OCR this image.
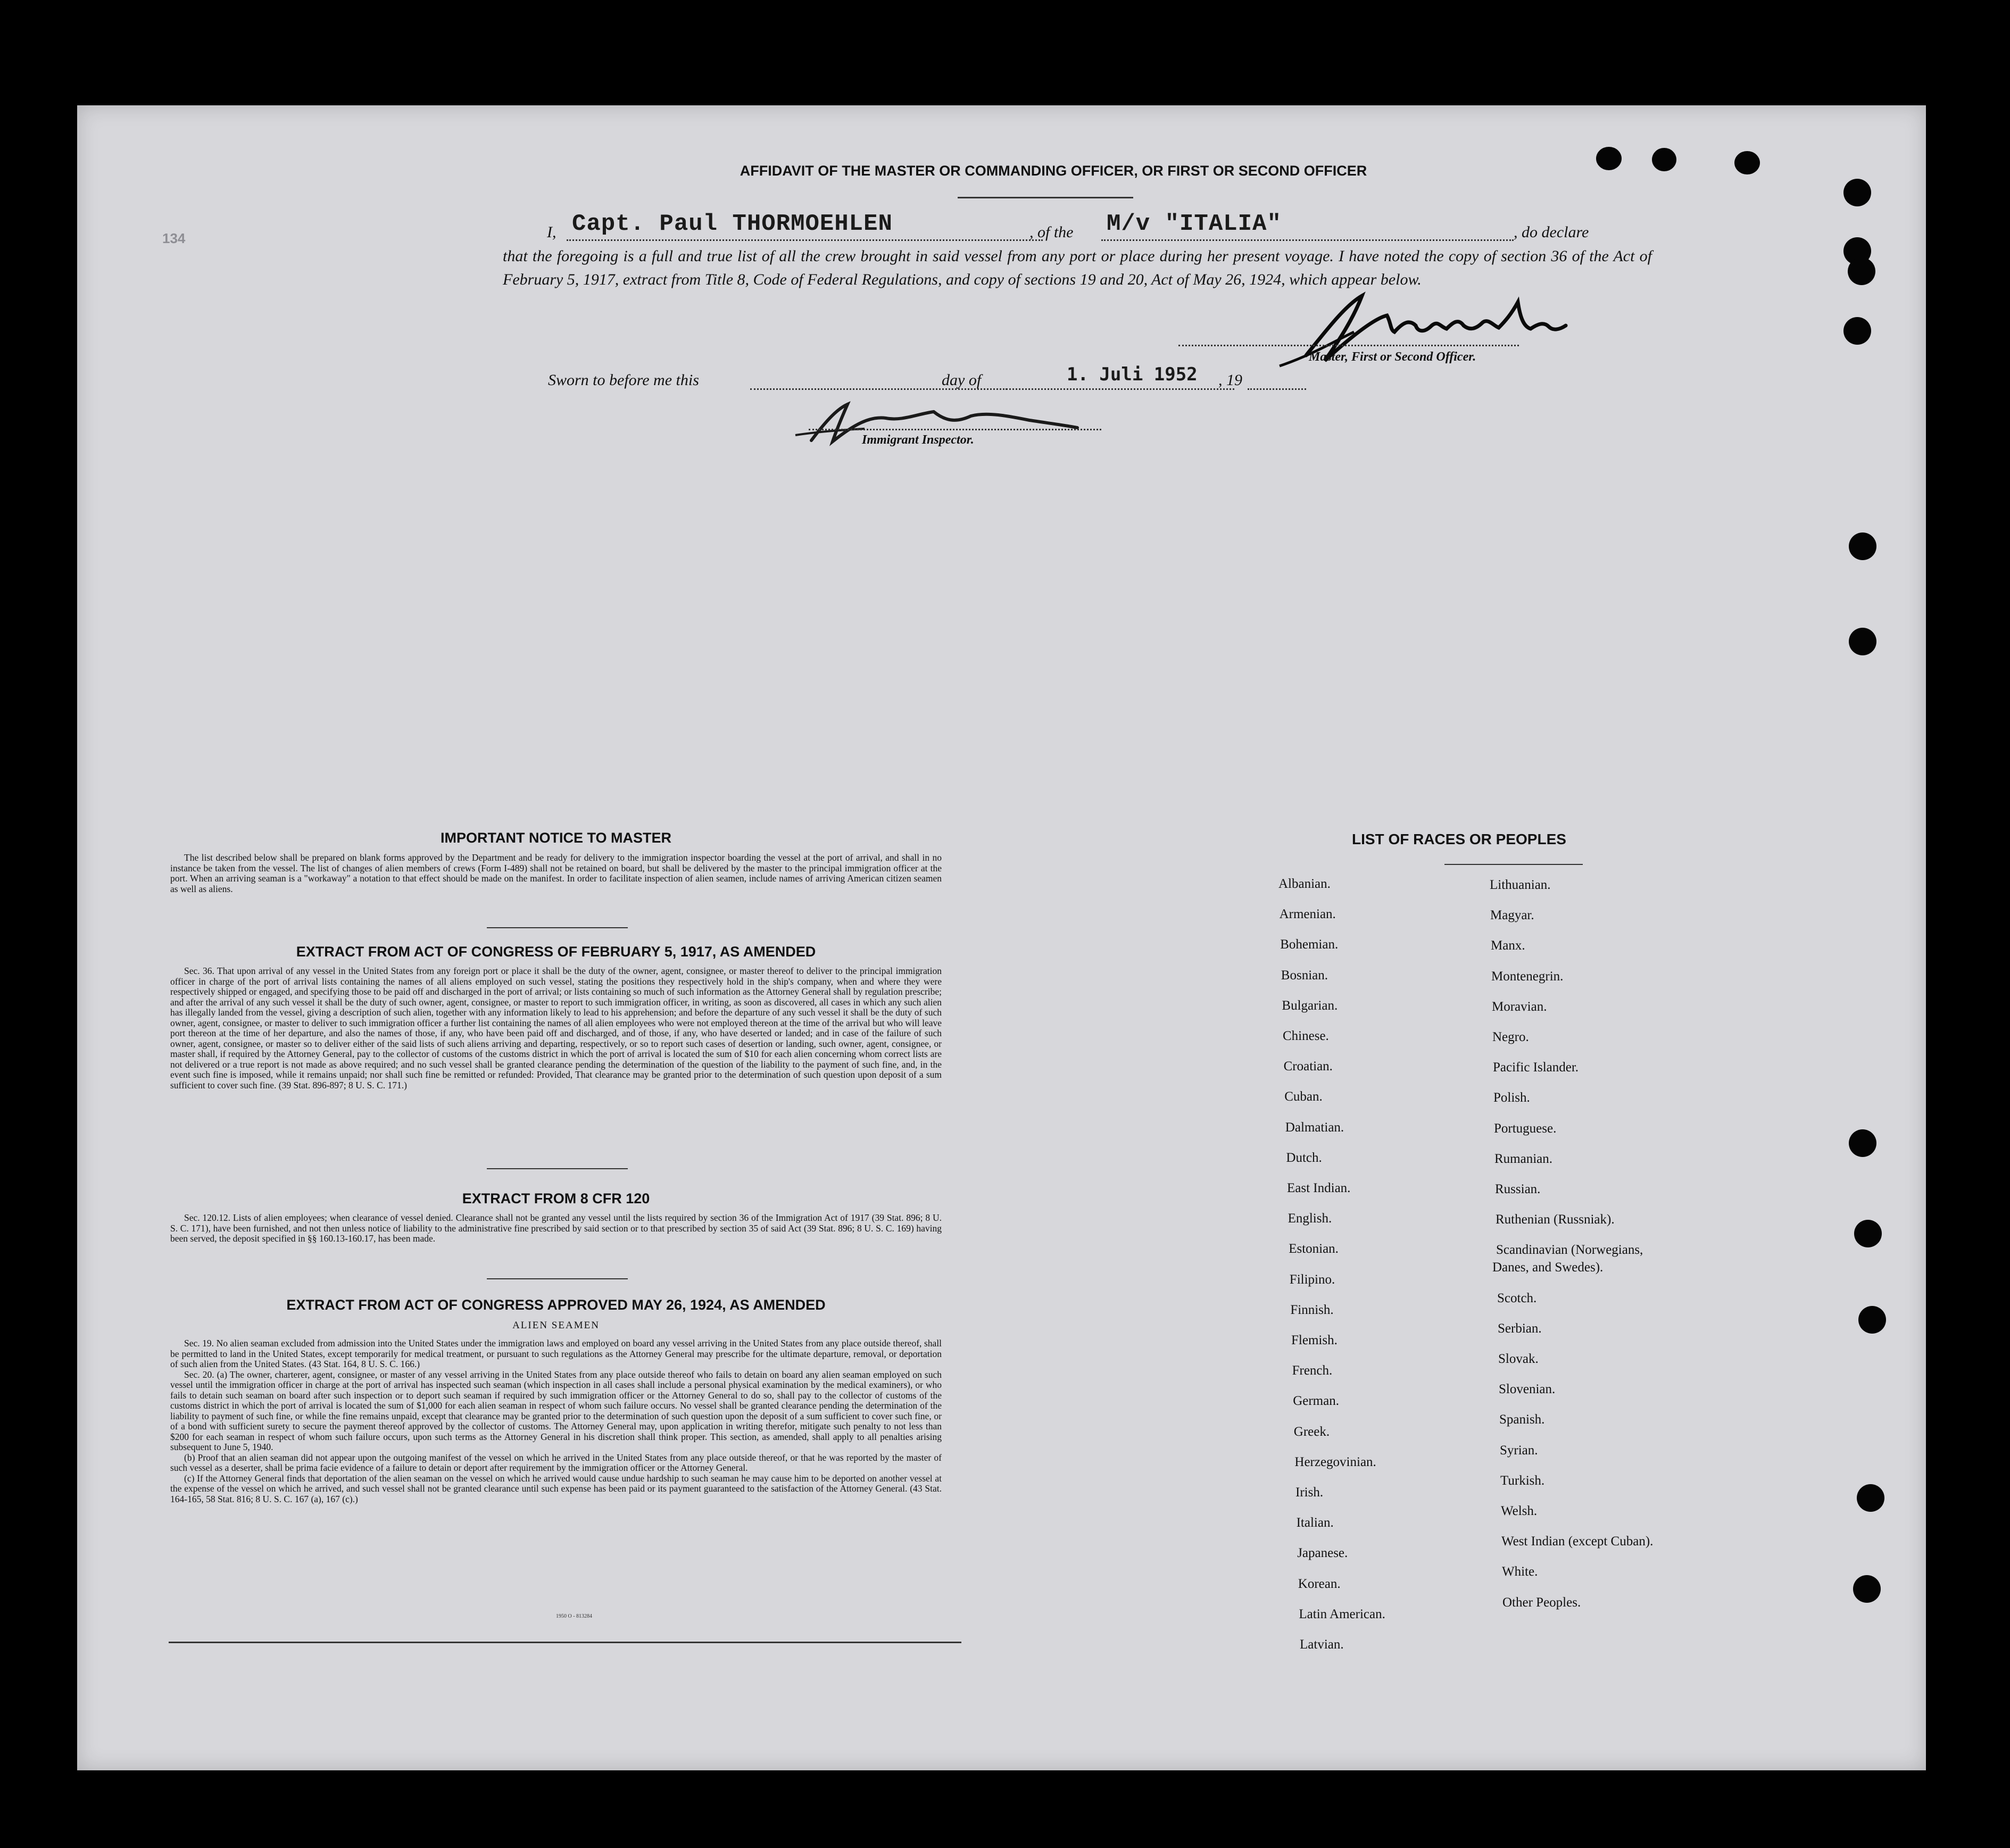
134
AFFIDAVIT OF THE MASTER OR COMMANDING OFFICER, OR FIRST OR SECOND OFFICER
I, Capt. Paul THORMOEHLEN	, of the M/v "ITALIA"	, do declare
that the foregoing is a full and true list of all the crew brought in said vessel from any port or place during her present voyage. I have noted the copy of section 36 of the Act of February 5, 1917, extract from Title 8, Code of Federal Regulations, and copy of sections 19 and 20, Act of May 26, 1924, which appear below.
Master, First or Second Officer.
Sworn to before me this	day of	1. Juli 1952 , 19
Immigrant Inspector.
IMPORTANT NOTICE TO MASTER
The list described below shall be prepared on blank forms approved by the Department and be ready for delivery to the immigration inspector boarding the vessel at the port of arrival, and shall in no instance be taken from the vessel. The list of changes of alien members of crews (Form I-489) shall not be retained on board, but shall be delivered by the master to the principal immigration officer at the port. When an arriving seaman is a "workaway" a notation to that effect should be made on the manifest. In order to facilitate inspection of alien seamen, include names of arriving American citizen seamen as well as aliens.
EXTRACT FROM ACT OF CONGRESS OF FEBRUARY 5, 1917, AS AMENDED
Sec. 36. That upon arrival of any vessel in the United States from any foreign port or place it shall be the duty of the owner, agent, consignee, or master thereof to deliver to the principal immigration officer in charge of the port of arrival lists containing the names of all aliens employed on such vessel, stating the positions they respectively hold in the ship's company, when and where they were respectively shipped or engaged, and specifying those to be paid off and discharged in the port of arrival; or lists containing so much of such information as the Attorney General shall by regulation prescribe; and after the arrival of any such vessel it shall be the duty of such owner, agent, consignee, or master to report to such immigration officer, in writing, as soon as discovered, all cases in which any such alien has illegally landed from the vessel, giving a description of such alien, together with any information likely to lead to his apprehension; and before the departure of any such vessel it shall be the duty of such owner, agent, consignee, or master to deliver to such immigration officer a further list containing the names of all alien employees who were not employed thereon at the time of the arrival but who will leave port thereon at the time of her departure, and also the names of those, if any, who have been paid off and discharged, and of those, if any, who have deserted or landed; and in case of the failure of such owner, agent, consignee, or master so to deliver either of the said lists of such aliens arriving and departing, respectively, or so to report such cases of desertion or landing, such owner, agent, consignee, or master shall, if required by the Attorney General, pay to the collector of customs of the customs district in which the port of arrival is located the sum of $10 for each alien concerning whom correct lists are not delivered or a true report is not made as above required; and no such vessel shall be granted clearance pending the determination of the question of the liability to the payment of such fine, and, in the event such fine is imposed, while it remains unpaid; nor shall such fine be remitted or refunded: Provided, That clearance may be granted prior to the determination of such question upon deposit of a sum sufficient to cover such fine. (39 Stat. 896-897; 8 U. S. C. 171.)
EXTRACT FROM 8 CFR 120
Sec. 120.12. Lists of alien employees; when clearance of vessel denied. Clearance shall not be granted any vessel until the lists required by section 36 of the Immigration Act of 1917 (39 Stat. 896; 8 U. S. C. 171), have been furnished, and not then unless notice of liability to the administrative fine prescribed by said section or to that prescribed by section 35 of said Act (39 Stat. 896; 8 U. S. C. 169) having been served, the deposit specified in §§ 160.13-160.17, has been made.
EXTRACT FROM ACT OF CONGRESS APPROVED MAY 26, 1924, AS AMENDED
ALIEN SEAMEN
Sec. 19. No alien seaman excluded from admission into the United States under the immigration laws and employed on board any vessel arriving in the United States from any place outside thereof, shall be permitted to land in the United States, except temporarily for medical treatment, or pursuant to such regulations as the Attorney General may prescribe for the ultimate departure, removal, or deportation of such alien from the United States. (43 Stat. 164, 8 U. S. C. 166.)
Sec. 20. (a) The owner, charterer, agent, consignee, or master of any vessel arriving in the United States from any place outside thereof who fails to detain on board any alien seaman employed on such vessel until the immigration officer in charge at the port of arrival has inspected such seaman (which inspection in all cases shall include a personal physical examination by the medical examiners), or who fails to detain such seaman on board after such inspection or to deport such seaman if required by such immigration officer or the Attorney General to do so, shall pay to the collector of customs of the customs district in which the port of arrival is located the sum of $1,000 for each alien seaman in respect of whom such failure occurs. No vessel shall be granted clearance pending the determination of the liability to payment of such fine, or while the fine remains unpaid, except that clearance may be granted prior to the determination of such question upon the deposit of a sum sufficient to cover such fine, or of a bond with sufficient surety to secure the payment thereof approved by the collector of customs. The Attorney General may, upon application in writing therefor, mitigate such penalty to not less than $200 for each seaman in respect of whom such failure occurs, upon such terms as the Attorney General in his discretion shall think proper. This section, as amended, shall apply to all penalties arising subsequent to June 5, 1940.
(b) Proof that an alien seaman did not appear upon the outgoing manifest of the vessel on which he arrived in the United States from any place outside thereof, or that he was reported by the master of such vessel as a deserter, shall be prima facie evidence of a failure to detain or deport after requirement by the immigration officer or the Attorney General.
(c) If the Attorney General finds that deportation of the alien seaman on the vessel on which he arrived would cause undue hardship to such seaman he may cause him to be deported on another vessel at the expense of the vessel on which he arrived, and such vessel shall not be granted clearance until such expense has been paid or its payment guaranteed to the satisfaction of the Attorney General. (43 Stat. 164-165, 58 Stat. 816; 8 U. S. C. 167 (a), 167 (c).)
1950 O - 813284
LIST OF RACES OR PEOPLES
Albanian.
Armenian.
Bohemian.
Bosnian.
Bulgarian.
Chinese.
Croatian.
Cuban.
Dalmatian.
Dutch.
East Indian.
English.
Estonian.
Filipino.
Finnish.
Flemish.
French.
German.
Greek.
Herzegovinian.
Irish.
Italian.
Japanese.
Korean.
Latin American.
Latvian.
Lithuanian.
Magyar.
Manx.
Montenegrin.
Moravian.
Negro.
Pacific Islander.
Polish.
Portuguese.
Rumanian.
Russian.
Ruthenian (Russniak).
Scandinavian (Norwegians,
Danes, and Swedes).
Scotch.
Serbian.
Slovak.
Slovenian.
Spanish.
Syrian.
Turkish.
Welsh.
West Indian (except Cuban).
White.
Other Peoples.
